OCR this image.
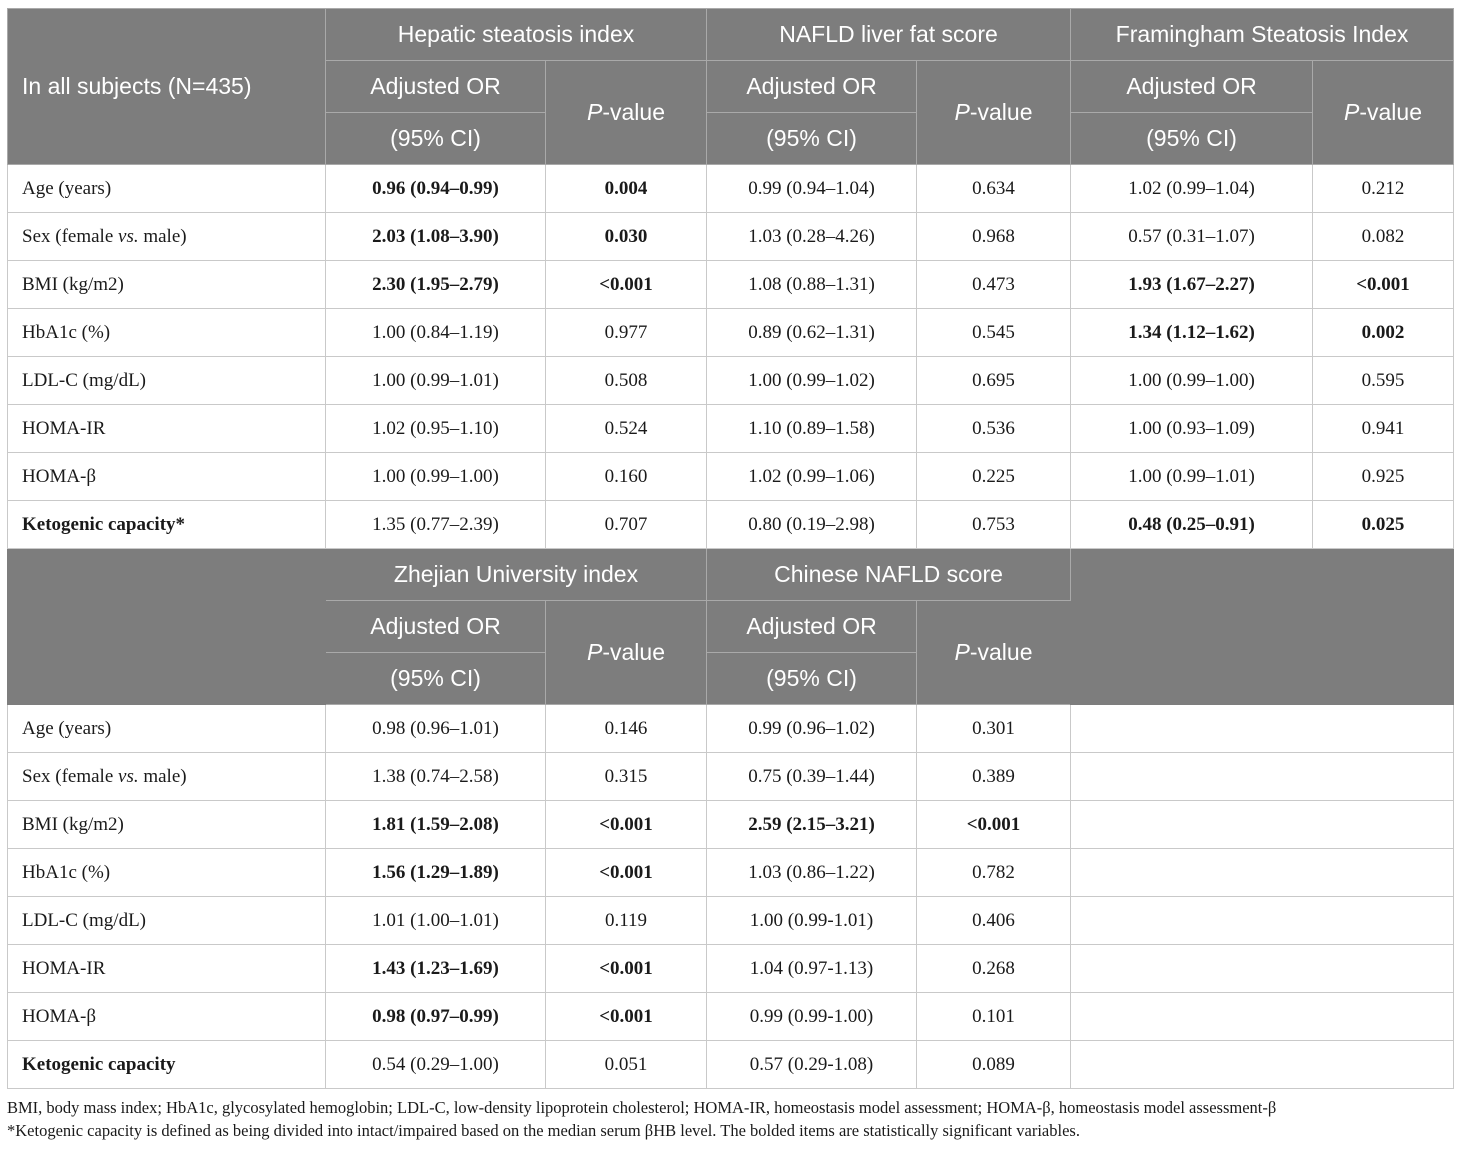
In all subjects (N=435)	Hepatic steatosis index		NAFLD liver fat score		Framingham Steatosis Index	
	Adjusted OR	P-value	Adjusted OR	P-value	Adjusted OR	P-value
	(95% CI)		(95% CI)		(95% CI)	
Age (years)	0.96 (0.94–0.99)	0.004	0.99 (0.94–1.04)	0.634	1.02 (0.99–1.04)	0.212
Sex (female vs. male)	2.03 (1.08–3.90)	0.030	1.03 (0.28–4.26)	0.968	0.57 (0.31–1.07)	0.082
BMI (kg/m2)	2.30 (1.95–2.79)	<0.001	1.08 (0.88–1.31)	0.473	1.93 (1.67–2.27)	<0.001
HbA1c (%)	1.00 (0.84–1.19)	0.977	0.89 (0.62–1.31)	0.545	1.34 (1.12–1.62)	0.002
LDL-C (mg/dL)	1.00 (0.99–1.01)	0.508	1.00 (0.99–1.02)	0.695	1.00 (0.99–1.00)	0.595
HOMA-IR	1.02 (0.95–1.10)	0.524	1.10 (0.89–1.58)	0.536	1.00 (0.93–1.09)	0.941
HOMA-β	1.00 (0.99–1.00)	0.160	1.02 (0.99–1.06)	0.225	1.00 (0.99–1.01)	0.925
Ketogenic capacity*	1.35 (0.77–2.39)	0.707	0.80 (0.19–2.98)	0.753	0.48 (0.25–0.91)	0.025
	Zhejian University index		Chinese NAFLD score			
	Adjusted OR	P-value	Adjusted OR	P-value		
	(95% CI)		(95% CI)			
Age (years)	0.98 (0.96–1.01)	0.146	0.99 (0.96–1.02)	0.301		
Sex (female vs. male)	1.38 (0.74–2.58)	0.315	0.75 (0.39–1.44)	0.389		
BMI (kg/m2)	1.81 (1.59–2.08)	<0.001	2.59 (2.15–3.21)	<0.001		
HbA1c (%)	1.56 (1.29–1.89)	<0.001	1.03 (0.86–1.22)	0.782		
LDL-C (mg/dL)	1.01 (1.00–1.01)	0.119	1.00 (0.99-1.01)	0.406		
HOMA-IR	1.43 (1.23–1.69)	<0.001	1.04 (0.97-1.13)	0.268		
HOMA-β	0.98 (0.97–0.99)	<0.001	0.99 (0.99-1.00)	0.101		
Ketogenic capacity	0.54 (0.29–1.00)	0.051	0.57 (0.29-1.08)	0.089		
BMI, body mass index; HbA1c, glycosylated hemoglobin; LDL-C, low-density lipoprotein cholesterol; HOMA-IR, homeostasis model assessment; HOMA-β, homeostasis model assessment-β
*Ketogenic capacity is defined as being divided into intact/impaired based on the median serum βHB level. The bolded items are statistically significant variables.
